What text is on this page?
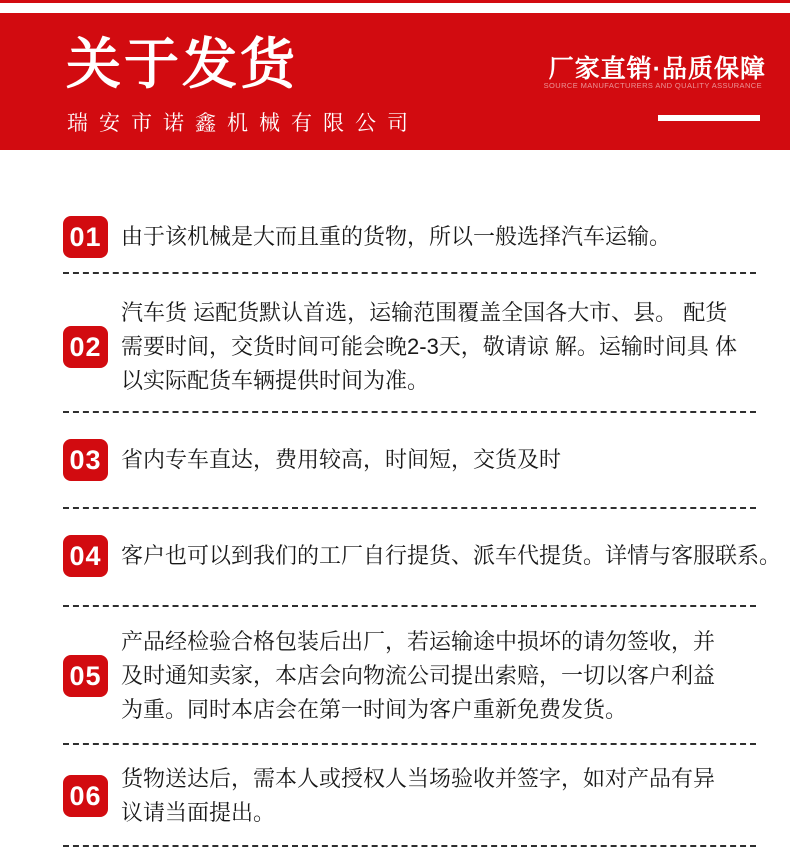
关于发货
瑞安市诺鑫机械有限公司
厂家直销·品质保障
SOURCE MANUFACTURERS AND QUALITY ASSURANCE
01 由于该机械是大而且重的货物，所以一般选择汽车运输。
02
汽车货 运配货默认首选，运输范围覆盖全国各大市、县。 配货
需要时间，交货时间可能会晚2-3天，敬请谅 解。运输时间具 体
以实际配货车辆提供时间为准。
03 省内专车直达，费用较高，时间短，交货及时
04 客户也可以到我们的工厂自行提货、派车代提货。详情与客服联系。
05
产品经检验合格包装后出厂，若运输途中损坏的请勿签收，并
及时通知卖家，本店会向物流公司提出索赔，一切以客户利益
为重。同时本店会在第一时间为客户重新免费发货。
06
货物送达后，需本人或授权人当场验收并签字，如对产品有异
议请当面提出。
